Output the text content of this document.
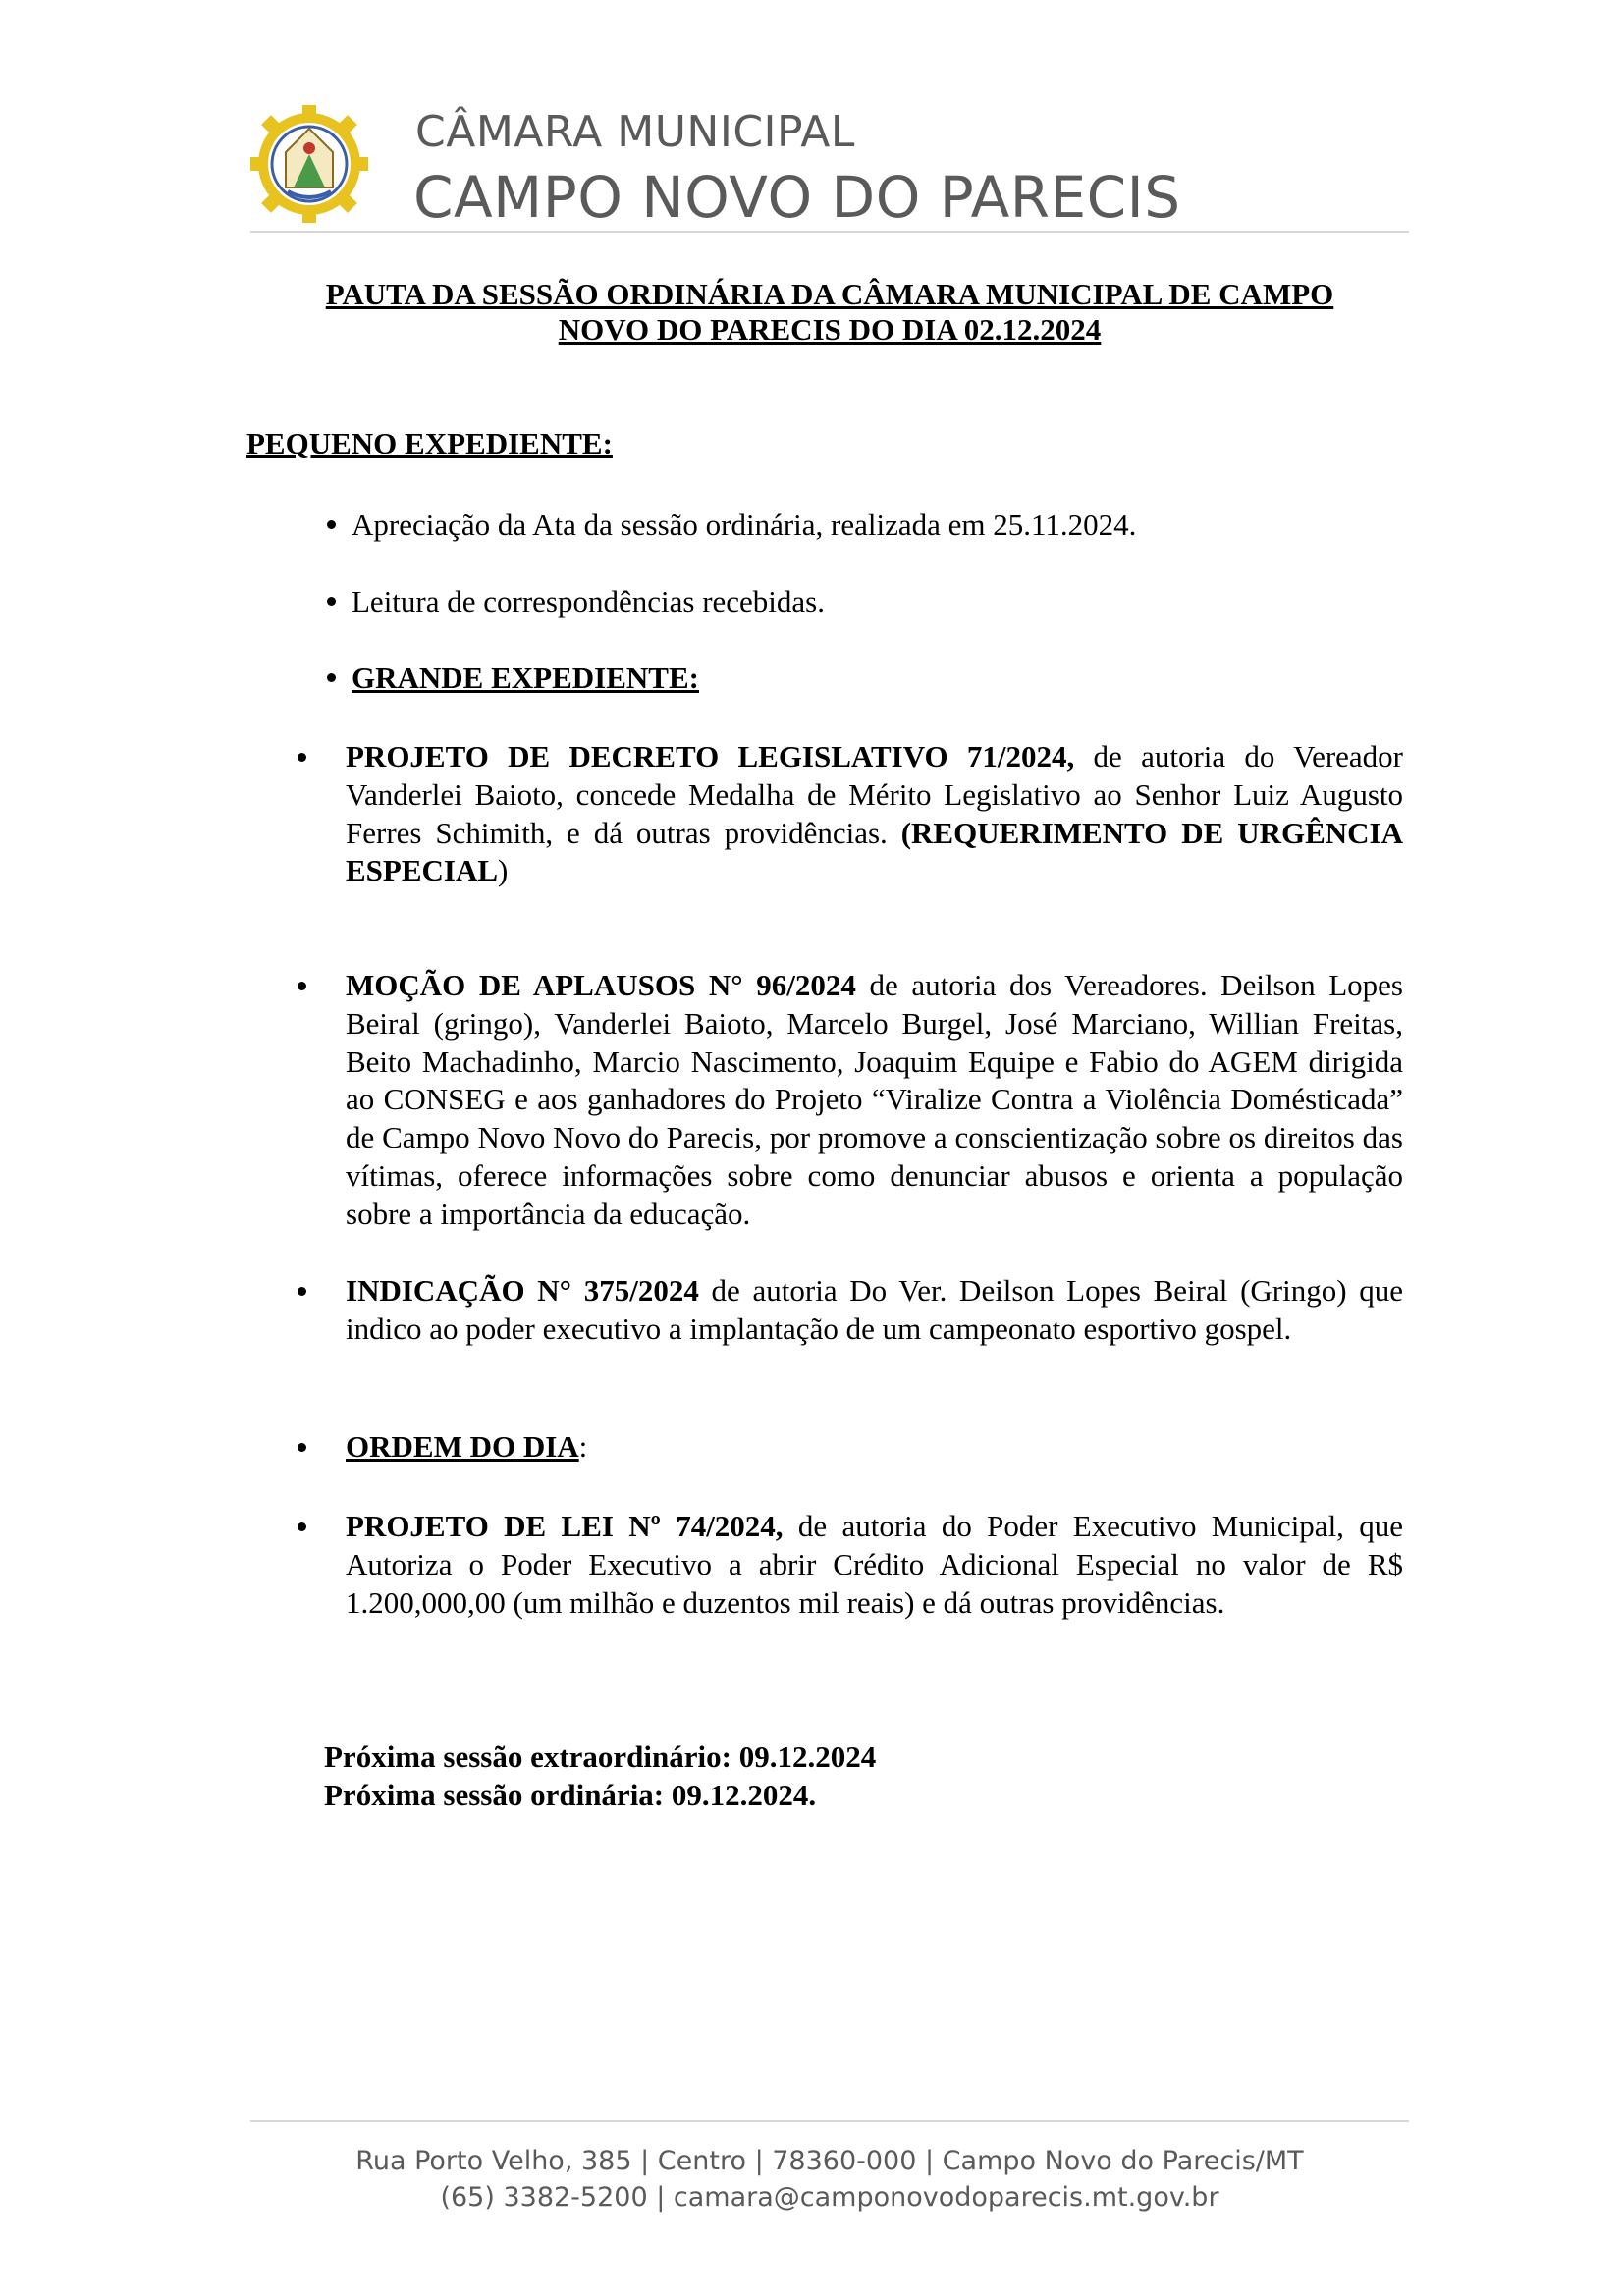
CÂMARA MUNICIPAL
CAMPO NOVO DO PARECIS
PAUTA DA SESSÃO ORDINÁRIA DA CÂMARA MUNICIPAL DE CAMPO
NOVO DO PARECIS DO DIA 02.12.2024
PEQUENO EXPEDIENTE:
Apreciação da Ata da sessão ordinária, realizada em 25.11.2024.
Leitura de correspondências recebidas.
GRANDE EXPEDIENTE:
PROJETO DE DECRETO LEGISLATIVO 71/2024, de autoria do Vereador Vanderlei Baioto, concede Medalha de Mérito Legislativo ao Senhor Luiz Augusto Ferres Schimith, e dá outras providências. (REQUERIMENTO DE URGÊNCIA ESPECIAL)
MOÇÃO DE APLAUSOS N° 96/2024 de autoria dos Vereadores. Deilson Lopes Beiral (gringo), Vanderlei Baioto, Marcelo Burgel, José Marciano, Willian Freitas, Beito Machadinho, Marcio Nascimento, Joaquim Equipe e Fabio do AGEM dirigida ao CONSEG e aos ganhadores do Projeto “Viralize Contra a Violência Domésticada” de Campo Novo Novo do Parecis, por promove a conscientização sobre os direitos das vítimas, oferece informações sobre como denunciar abusos e orienta a população sobre a importância da educação.
INDICAÇÃO N° 375/2024 de autoria Do Ver. Deilson Lopes Beiral (Gringo) que indico ao poder executivo a implantação de um campeonato esportivo gospel.
ORDEM DO DIA:
PROJETO DE LEI Nº 74/2024, de autoria do Poder Executivo Municipal, que Autoriza o Poder Executivo a abrir Crédito Adicional Especial no valor de R$ 1.200,000,00 (um milhão e duzentos mil reais) e dá outras providências.
Próxima sessão extraordinário: 09.12.2024
Próxima sessão ordinária: 09.12.2024.
Rua Porto Velho, 385 | Centro | 78360-000 | Campo Novo do Parecis/MT
(65) 3382-5200 | camara@camponovodoparecis.mt.gov.br
